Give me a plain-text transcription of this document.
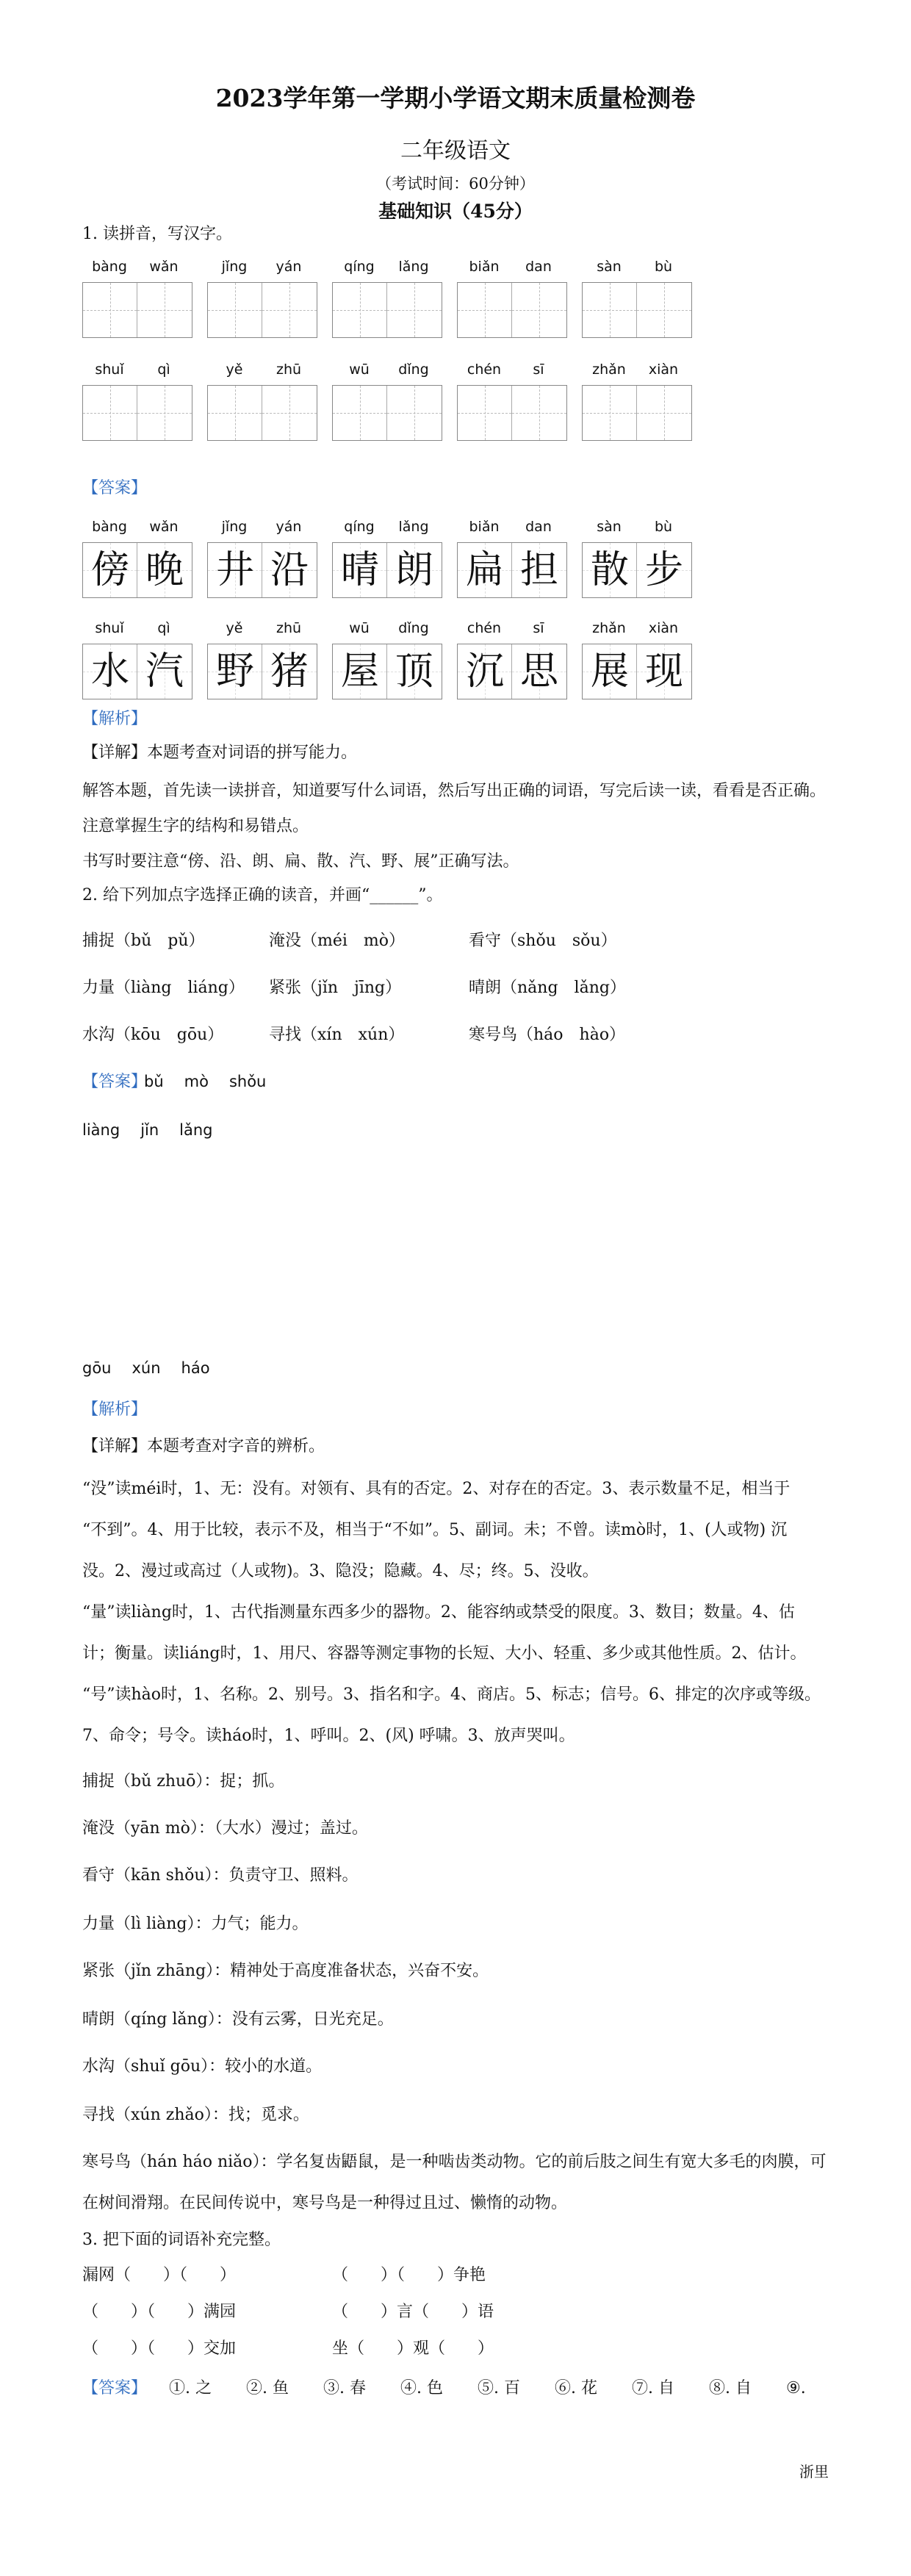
2023学年第一学期小学语文期末质量检测卷
二年级语文
（考试时间：60分钟）
基础知识（45分）
1. 读拼音，写汉字。
bàng	wǎn	jǐng	yán	qíng	lǎng	biǎn	dan	sàn	bù
shuǐ	qì	yě	zhū	wū	dǐng	chén	sī	zhǎn	xiàn
【答案】
bàng	wǎn
傍 晚
jǐng	yán
井 沿
qíng	lǎng
晴 朗
biǎn	dan
扁 担
sàn	bù
散 步
shuǐ	qì
水 汽
yě	zhū
野 猪
wū	dǐng
屋 顶
chén	sī
沉 思
zhǎn	xiàn
展 现
【解析】
【详解】本题考查对词语的拼写能力。
解答本题，首先读一读拼音，知道要写什么词语，然后写出正确的词语，写完后读一读，看看是否正确。
注意掌握生字的结构和易错点。
书写时要注意“傍、沿、朗、扁、散、汽、野、展”正确写法。
2. 给下列加点字选择正确的读音，并画“______”。
捕捉（bǔ　pǔ）	淹没（méi　mò）	看守（shǒu　sǒu）
力量（liàng　liáng） 紧张（jǐn　jīng）	晴朗（nǎng　lǎng）
水沟（kōu　gōu）	寻找（xín　xún）	寒号鸟（háo　hào）
【答案】
bǔ mò shǒu
liàng jǐn lǎng
gōu xún háo
【解析】
【详解】本题考查对字音的辨析。
“没”读méi时，1、无：没有。对领有、具有的否定。2、对存在的否定。3、表示数量不足，相当于
“不到”。4、用于比较，表示不及，相当于“不如”。5、副词。未；不曾。读mò时，1、(人或物) 沉
没。2、漫过或高过（人或物)。3、隐没；隐藏。4、尽；终。5、没收。
“量”读liàng时，1、古代指测量东西多少的器物。2、能容纳或禁受的限度。3、数目；数量。4、估
计；衡量。读liáng时，1、用尺、容器等测定事物的长短、大小、轻重、多少或其他性质。2、估计。
“号”读hào时，1、名称。2、别号。3、指名和字。4、商店。5、标志；信号。6、排定的次序或等级。
7、命令；号令。读háo时，1、呼叫。2、(风) 呼啸。3、放声哭叫。
捕捉（bǔ zhuō）：捉；抓。
淹没（yān mò）：（大水）漫过；盖过。
看守（kān shǒu）：负责守卫、照料。
力量（lì liàng）：力气；能力。
紧张（jǐn zhāng）：精神处于高度准备状态，兴奋不安。
晴朗（qíng lǎng）：没有云雾，日光充足。
水沟（shuǐ gōu）：较小的水道。
寻找（xún zhǎo）：找；觅求。
寒号鸟（hán háo niǎo）：学名复齿鼯鼠，是一种啮齿类动物。它的前后肢之间生有宽大多毛的肉膜，可
在树间滑翔。在民间传说中，寒号鸟是一种得过且过、懒惰的动物。
3. 把下面的词语补充完整。
漏网（　　）（　　）	（　　）（　　）争艳
（　　）（　　）满园	（　　）言（　　）语
（　　）（　　）交加	坐（　　）观（　　）
【答案】 ①. 之 ②. 鱼 ③. 春 ④. 色 ⑤. 百 ⑥. 花 ⑦. 自 ⑧. 自 ⑨.
浙里
